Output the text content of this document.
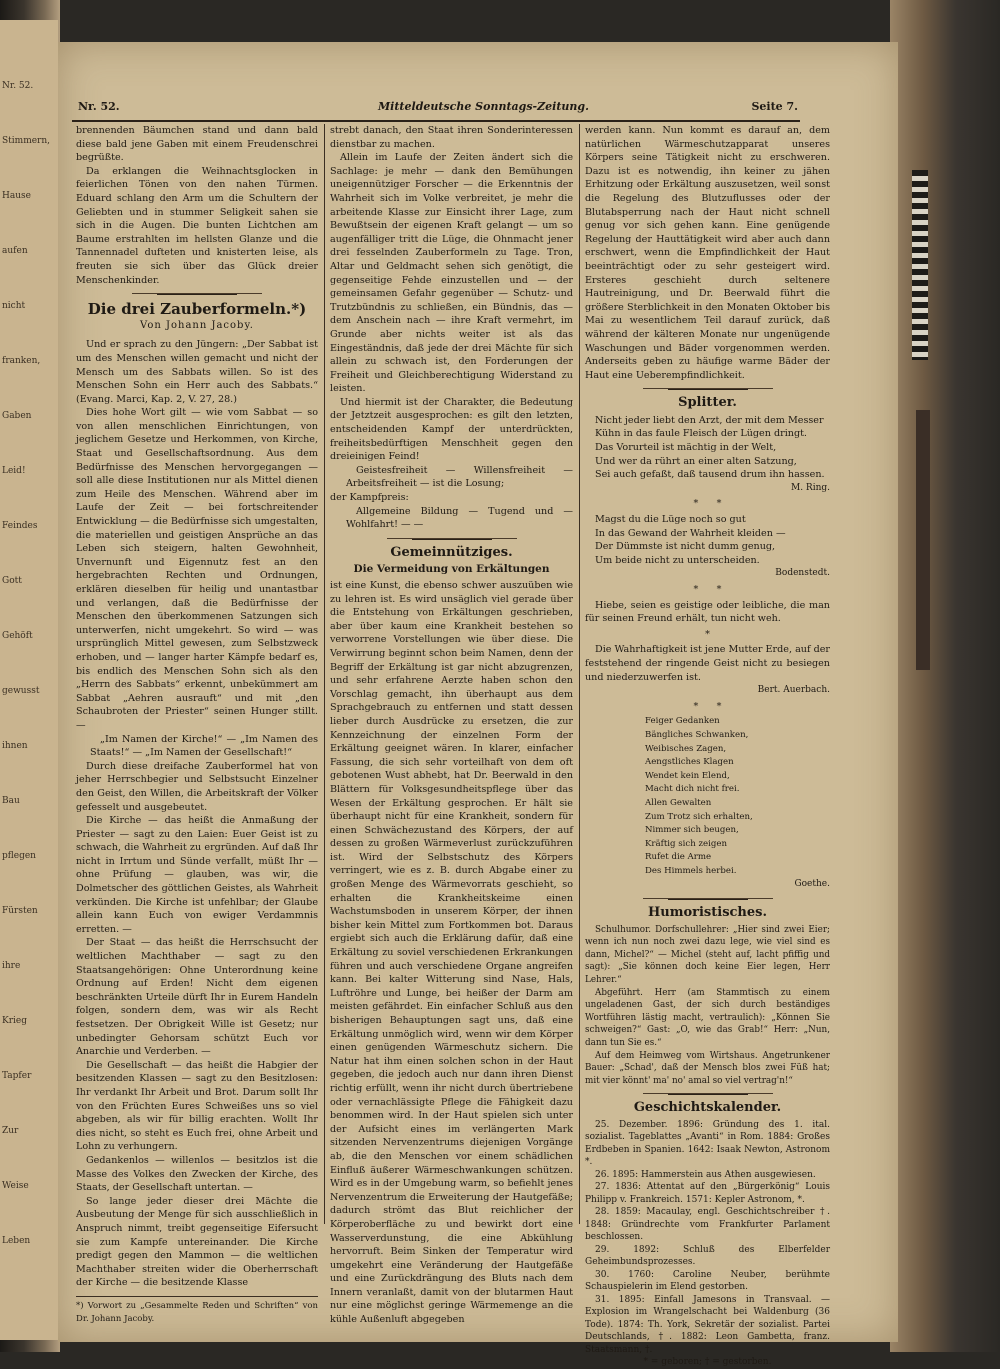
Nr. 52.
Stimmern,
Hause
aufen
nicht
franken,
Gaben
Leid!
Feindes
Gott
Gehöft
gewusst
ihnen
Bau
pflegen
Fürsten
ihre
Krieg
Tapfer
Zur
Weise
Leben
Nr. 52.	Mitteldeutsche Sonntags-Zeitung.	Seite 7.

brennenden Bäumchen stand und dann bald diese bald jene Gaben mit einem Freudenschrei begrüßte.

Da erklangen die Weihnachtsglocken in feierlichen Tönen von den nahen Türmen. Eduard schlang den Arm um die Schultern der Geliebten und in stummer Seligkeit sahen sie sich in die Augen. Die bunten Lichtchen am Baume erstrahlten im hellsten Glanze und die Tannennadel dufteten und knisterten leise, als freuten sie sich über das Glück dreier Menschenkinder.

Die drei Zauberformeln.*)
Von Johann Jacoby.

Und er sprach zu den Jüngern: „Der Sabbat ist um des Menschen willen gemacht und nicht der Mensch um des Sabbats willen. So ist des Menschen Sohn ein Herr auch des Sabbats.“ (Evang. Marci, Kap. 2, V. 27, 28.)

Dies hohe Wort gilt — wie vom Sabbat — so von allen menschlichen Einrichtungen, von jeglichem Gesetze und Herkommen, von Kirche, Staat und Gesellschaftsordnung. Aus dem Bedürfnisse des Menschen hervorgegangen — soll alle diese Institutionen nur als Mittel dienen zum Heile des Menschen. Während aber im Laufe der Zeit — bei fortschreitender Entwicklung — die Bedürfnisse sich umgestalten, die materiellen und geistigen Ansprüche an das Leben sich steigern, halten Gewohnheit, Unvernunft und Eigennutz fest an den hergebrachten Rechten und Ordnungen, erklären dieselben für heilig und unantastbar und verlangen, daß die Bedürfnisse der Menschen den überkommenen Satzungen sich unterwerfen, nicht umgekehrt. So wird — was ursprünglich Mittel gewesen, zum Selbstzweck erhoben, und — langer harter Kämpfe bedarf es, bis endlich des Menschen Sohn sich als den „Herrn des Sabbats“ erkennt, unbekümmert am Sabbat „Aehren ausrauft“ und mit „den Schaubroten der Priester“ seinen Hunger stillt. —

„Im Namen der Kirche!“ — „Im Namen des Staats!“ — „Im Namen der Gesellschaft!“

Durch diese dreifache Zauberformel hat von jeher Herrschbegier und Selbstsucht Einzelner den Geist, den Willen, die Arbeitskraft der Völker gefesselt und ausgebeutet.

Die Kirche — das heißt die Anmaßung der Priester — sagt zu den Laien: Euer Geist ist zu schwach, die Wahrheit zu ergründen. Auf daß Ihr nicht in Irrtum und Sünde verfallt, müßt Ihr — ohne Prüfung — glauben, was wir, die Dolmetscher des göttlichen Geistes, als Wahrheit verkünden. Die Kirche ist unfehlbar; der Glaube allein kann Euch von ewiger Verdammnis erretten. —

Der Staat — das heißt die Herrschsucht der weltlichen Machthaber — sagt zu den Staatsangehörigen: Ohne Unterordnung keine Ordnung auf Erden! Nicht dem eigenen beschränkten Urteile dürft Ihr in Eurem Handeln folgen, sondern dem, was wir als Recht festsetzen. Der Obrigkeit Wille ist Gesetz; nur unbedingter Gehorsam schützt Euch vor Anarchie und Verderben. —

Die Gesellschaft — das heißt die Habgier der besitzenden Klassen — sagt zu den Besitzlosen: Ihr verdankt Ihr Arbeit und Brot. Darum sollt Ihr von den Früchten Eures Schweißes uns so viel abgeben, als wir für billig erachten. Wollt Ihr dies nicht, so steht es Euch frei, ohne Arbeit und Lohn zu verhungern.

Gedankenlos — willenlos — besitzlos ist die Masse des Volkes den Zwecken der Kirche, des Staats, der Gesellschaft untertan. —

So lange jeder dieser drei Mächte die Ausbeutung der Menge für sich ausschließlich in Anspruch nimmt, treibt gegenseitige Eifersucht sie zum Kampfe untereinander. Die Kirche predigt gegen den Mammon — die weltlichen Machthaber streiten wider die Oberherrschaft der Kirche — die besitzende Klasse

*) Vorwort zu „Gesammelte Reden und Schriften“ von Dr. Johann Jacoby.

strebt danach, den Staat ihren Sonderinteressen dienstbar zu machen.

Allein im Laufe der Zeiten ändert sich die Sachlage: je mehr — dank den Bemühungen uneigennütziger Forscher — die Erkenntnis der Wahrheit sich im Volke verbreitet, je mehr die arbeitende Klasse zur Einsicht ihrer Lage, zum Bewußtsein der eigenen Kraft gelangt — um so augenfälliger tritt die Lüge, die Ohnmacht jener drei fesselnden Zauberformeln zu Tage. Tron, Altar und Geldmacht sehen sich genötigt, die gegenseitige Fehde einzustellen und — der gemeinsamen Gefahr gegenüber — Schutz- und Trutzbündnis zu schließen, ein Bündnis, das — dem Anschein nach — ihre Kraft vermehrt, im Grunde aber nichts weiter ist als das Eingeständnis, daß jede der drei Mächte für sich allein zu schwach ist, den Forderungen der Freiheit und Gleichberechtigung Widerstand zu leisten.

Und hiermit ist der Charakter, die Bedeutung der Jetztzeit ausgesprochen: es gilt den letzten, entscheidenden Kampf der unterdrückten, freiheitsbedürftigen Menschheit gegen den dreieinigen Feind!

Geistesfreiheit — Willensfreiheit — Arbeitsfreiheit — ist die Losung;

der Kampfpreis:

Allgemeine Bildung — Tugend und — Wohlfahrt! — —

Gemeinnütziges.
Die Vermeidung von Erkältungen

ist eine Kunst, die ebenso schwer auszuüben wie zu lehren ist. Es wird unsäglich viel gerade über die Entstehung von Erkältungen geschrieben, aber über kaum eine Krankheit bestehen so verworrene Vorstellungen wie über diese. Die Verwirrung beginnt schon beim Namen, denn der Begriff der Erkältung ist gar nicht abzugrenzen, und sehr erfahrene Aerzte haben schon den Vorschlag gemacht, ihn überhaupt aus dem Sprachgebrauch zu entfernen und statt dessen lieber durch Ausdrücke zu ersetzen, die zur Kennzeichnung der einzelnen Form der Erkältung geeignet wären. In klarer, einfacher Fassung, die sich sehr vorteilhaft von dem oft gebotenen Wust abhebt, hat Dr. Beerwald in den Blättern für Volksgesundheitspflege über das Wesen der Erkältung gesprochen. Er hält sie überhaupt nicht für eine Krankheit, sondern für einen Schwächezustand des Körpers, der auf dessen zu großen Wärmeverlust zurückzuführen ist. Wird der Selbstschutz des Körpers verringert, wie es z. B. durch Abgabe einer zu großen Menge des Wärmevorrats geschieht, so erhalten die Krankheitskeime einen Wachstumsboden in unserem Körper, der ihnen bisher kein Mittel zum Fortkommen bot. Daraus ergiebt sich auch die Erklärung dafür, daß eine Erkältung zu soviel verschiedenen Erkrankungen führen und auch verschiedene Organe angreifen kann. Bei kalter Witterung sind Nase, Hals, Luftröhre und Lunge, bei heißer der Darm am meisten gefährdet. Ein einfacher Schluß aus den bisherigen Behauptungen sagt uns, daß eine Erkältung unmöglich wird, wenn wir dem Körper einen genügenden Wärmeschutz sichern. Die Natur hat ihm einen solchen schon in der Haut gegeben, die jedoch auch nur dann ihren Dienst richtig erfüllt, wenn ihr nicht durch übertriebene oder vernachlässigte Pflege die Fähigkeit dazu benommen wird. In der Haut spielen sich unter der Aufsicht eines im verlängerten Mark sitzenden Nervenzentrums diejenigen Vorgänge ab, die den Menschen vor einem schädlichen Einfluß äußerer Wärmeschwankungen schützen. Wird es in der Umgebung warm, so befiehlt jenes Nervenzentrum die Erweiterung der Hautgefäße; dadurch strömt das Blut reichlicher der Körperoberfläche zu und bewirkt dort eine Wasserverdunstung, die eine Abkühlung hervorruft. Beim Sinken der Temperatur wird umgekehrt eine Veränderung der Hautgefäße und eine Zurückdrängung des Bluts nach dem Innern veranlaßt, damit von der blutarmen Haut nur eine möglichst geringe Wärmemenge an die kühle Außenluft abgegeben

werden kann. Nun kommt es darauf an, dem natürlichen Wärmeschutzapparat unseres Körpers seine Tätigkeit nicht zu erschweren. Dazu ist es notwendig, ihn keiner zu jähen Erhitzung oder Erkältung auszusetzen, weil sonst die Regelung des Blutzuflusses oder der Blutabsperrung nach der Haut nicht schnell genug vor sich gehen kann. Eine genügende Regelung der Hauttätigkeit wird aber auch dann erschwert, wenn die Empfindlichkeit der Haut beeinträchtigt oder zu sehr gesteigert wird. Ersteres geschieht durch seltenere Hautreinigung, und Dr. Beerwald führt die größere Sterblichkeit in den Monaten Oktober bis Mai zu wesentlichem Teil darauf zurück, daß während der kälteren Monate nur ungenügende Waschungen und Bäder vorgenommen werden. Anderseits geben zu häufige warme Bäder der Haut eine Ueberempfindlichkeit.

Splitter.
Nicht jeder liebt den Arzt, der mit dem Messer
Kühn in das faule Fleisch der Lügen dringt.
Das Vorurteil ist mächtig in der Welt,
Und wer da rührt an einer alten Satzung,
Sei auch gefaßt, daß tausend drum ihn hassen.
M. Ring.
*      *
Magst du die Lüge noch so gut
In das Gewand der Wahrheit kleiden —
Der Dümmste ist nicht dumm genug,
Um beide nicht zu unterscheiden.
Bodenstedt.
*      *

Hiebe, seien es geistige oder leibliche, die man für seinen Freund erhält, tun nicht weh.

*

Die Wahrhaftigkeit ist jene Mutter Erde, auf der feststehend der ringende Geist nicht zu besiegen und niederzuwerfen ist.

Bert. Auerbach.
*      *
Feiger Gedanken
Bängliches Schwanken,
Weibisches Zagen,
Aengstliches Klagen
Wendet kein Elend,
Macht dich nicht frei.
Allen Gewalten
Zum Trotz sich erhalten,
Nimmer sich beugen,
Kräftig sich zeigen
Rufet die Arme
Des Himmels herbei.
Goethe.
Humoristisches.

Schulhumor. Dorfschullehrer: „Hier sind zwei Eier; wenn ich nun noch zwei dazu lege, wie viel sind es dann, Michel?“ — Michel (steht auf, lacht pfiffig und sagt): „Sie können doch keine Eier legen, Herr Lehrer.“

Abgeführt. Herr (am Stammtisch zu einem ungeladenen Gast, der sich durch beständiges Wortführen lästig macht, vertraulich): „Können Sie schweigen?“ Gast: „O, wie das Grab!“ Herr: „Nun, dann tun Sie es.“

Auf dem Heimweg vom Wirtshaus. Angetrunkener Bauer: „Schad', daß der Mensch blos zwei Füß hat; mit vier könnt' ma' no' amal so viel vertrag'n!“

Geschichtskalender.
25. Dezember. 1896: Gründung des 1. ital. sozialist. Tageblattes „Avanti“ in Rom. 1884: Großes Erdbeben in Spanien. 1642: Isaak Newton, Astronom *.
26. 1895: Hammerstein aus Athen ausgewiesen.
27. 1836: Attentat auf den „Bürgerkönig“ Louis Philipp v. Frankreich. 1571: Kepler Astronom, *.
28. 1859: Macaulay, engl. Geschichtschreiber †. 1848: Gründrechte vom Frankfurter Parlament beschlossen.
29. 1892: Schluß des Elberfelder Geheimbundsprozesses.
30. 1760: Caroline Neuber, berühmte Schauspielerin im Elend gestorben.
31. 1895: Einfall Jamesons in Transvaal. — Explosion im Wrangelschacht bei Waldenburg (36 Tode). 1874: Th. York, Sekretär der sozialist. Partei Deutschlands, †. 1882: Leon Gambetta, franz. Staatsmann, †.
* = geboren; † = gestorben.
